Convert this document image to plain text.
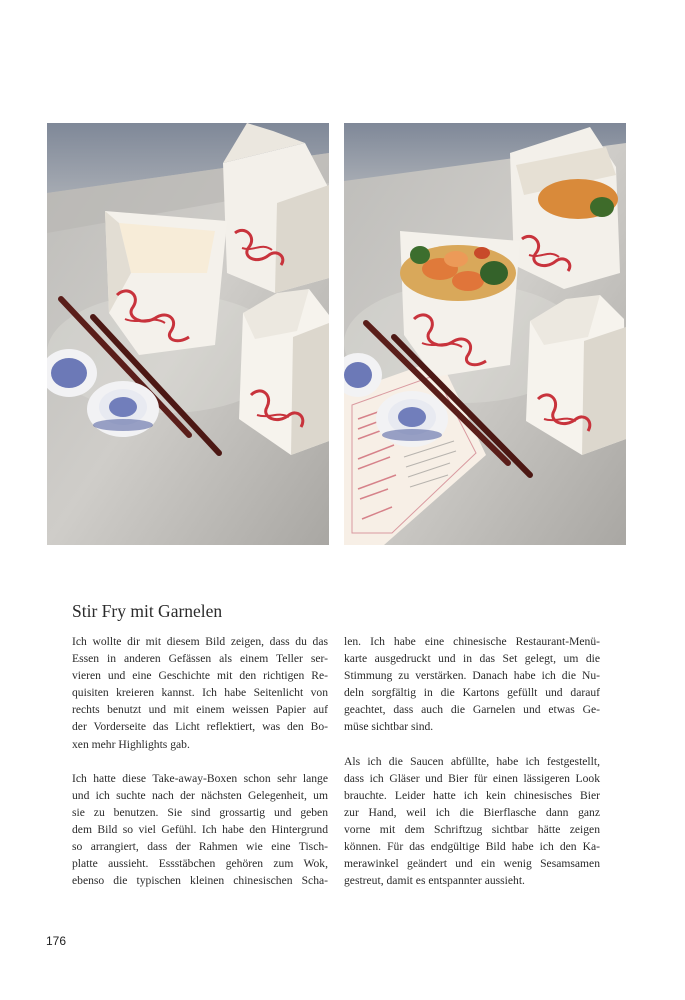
Stir Fry mit Garnelen

Ich wollte dir mit diesem Bild zeigen, dass du das

Essen in anderen Gefässen als einem Teller ser-

vieren und eine Geschichte mit den richtigen Re-

quisiten kreieren kannst. Ich habe Seitenlicht von

rechts benutzt und mit einem weissen Papier auf

der Vorderseite das Licht reflektiert, was den Bo-

xen mehr Highlights gab.

Ich hatte diese Take-away-Boxen schon sehr lange

und ich suchte nach der nächsten Gelegenheit, um

sie zu benutzen. Sie sind grossartig und geben

dem Bild so viel Gefühl. Ich habe den Hintergrund

so arrangiert, dass der Rahmen wie eine Tisch-

platte aussieht. Essstäbchen gehören zum Wok,

ebenso die typischen kleinen chinesischen Scha-

len. Ich habe eine chinesische Restaurant-Menü-

karte ausgedruckt und in das Set gelegt, um die

Stimmung zu verstärken. Danach habe ich die Nu-

deln sorgfältig in die Kartons gefüllt und darauf

geachtet, dass auch die Garnelen und etwas Ge-

müse sichtbar sind.

Als ich die Saucen abfüllte, habe ich festgestellt,

dass ich Gläser und Bier für einen lässigeren Look

brauchte. Leider hatte ich kein chinesisches Bier

zur Hand, weil ich die Bierflasche dann ganz

vorne mit dem Schriftzug sichtbar hätte zeigen

können. Für das endgültige Bild habe ich den Ka-

merawinkel geändert und ein wenig Sesamsamen

gestreut, damit es entspannter aussieht.

176
